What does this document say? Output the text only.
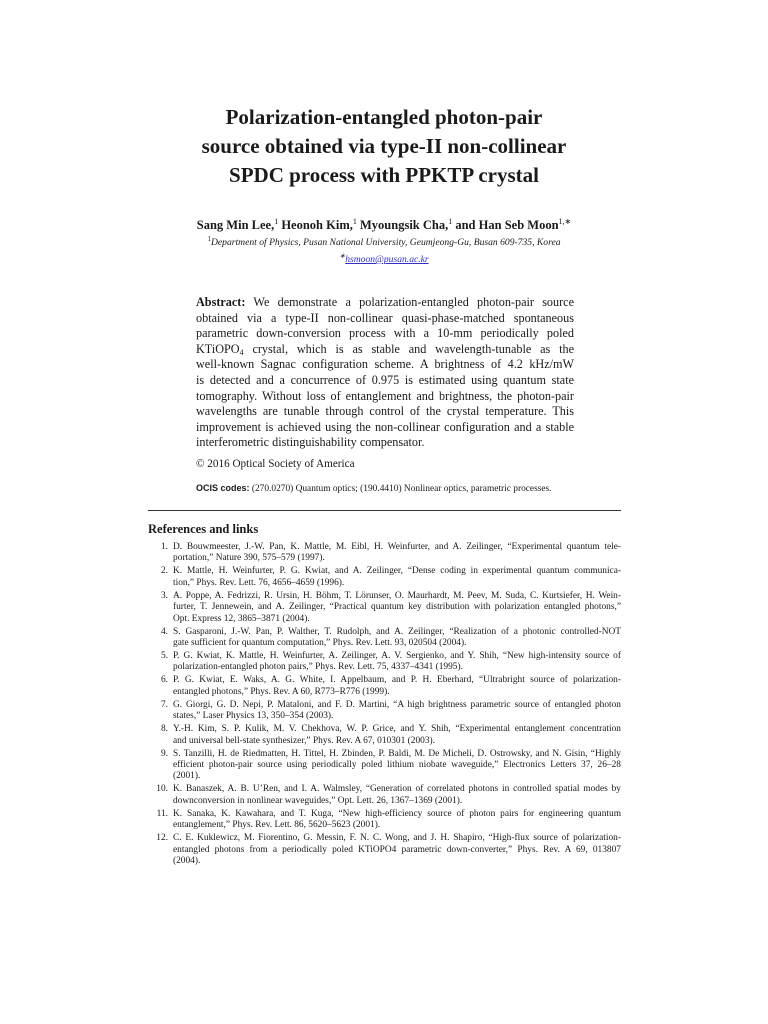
Polarization-entangled photon-pair
source obtained via type-II non-collinear
SPDC process with PPKTP crystal
Sang Min Lee,$^1$ Heonoh Kim,$^1$ Myoungsik Cha,$^1$ and Han Seb Moon$^{1,∗}$
$^1$Department of Physics, Pusan National University, Geumjeong-Gu, Busan 609-735, Korea
∗hsmoon@pusan.ac.kr
Abstract: We demonstrate a polarization-entangled photon-pair source
obtained via a type-II non-collinear quasi-phase-matched spontaneous
parametric down-conversion process with a 10-mm periodically poled
KTiOPO$_4$ crystal, which is as stable and wavelength-tunable as the
well-known Sagnac configuration scheme. A brightness of 4.2 kHz/mW
is detected and a concurrence of 0.975 is estimated using quantum state
tomography. Without loss of entanglement and brightness, the photon-pair
wavelengths are tunable through control of the crystal temperature. This
improvement is achieved using the non-collinear configuration and a stable
interferometric distinguishability compensator.
© 2016 Optical Society of America
OCIS codes: (270.0270) Quantum optics; (190.4410) Nonlinear optics, parametric processes.
References and links
1. D. Bouwmeester, J.-W. Pan, K. Mattle, M. Eibl, H. Weinfurter, and A. Zeilinger, “Experimental quantum tele-
portation,” Nature 390, 575–579 (1997).
2. K. Mattle, H. Weinfurter, P. G. Kwiat, and A. Zeilinger, “Dense coding in experimental quantum communica-
tion,” Phys. Rev. Lett. 76, 4656–4659 (1996).
3. A. Poppe, A. Fedrizzi, R. Ursin, H. Böhm, T. Lörunser, O. Maurhardt, M. Peev, M. Suda, C. Kurtsiefer, H. Wein-
furter, T. Jennewein, and A. Zeilinger, “Practical quantum key distribution with polarization entangled photons,”
Opt. Express 12, 3865–3871 (2004).
4. S. Gasparoni, J.-W. Pan, P. Walther, T. Rudolph, and A. Zeilinger, “Realization of a photonic controlled-NOT
gate sufficient for quantum computation,” Phys. Rev. Lett. 93, 020504 (2004).
5. P. G. Kwiat, K. Mattle, H. Weinfurter, A. Zeilinger, A. V. Sergienko, and Y. Shih, “New high-intensity source of
polarization-entangled photon pairs,” Phys. Rev. Lett. 75, 4337–4341 (1995).
6. P. G. Kwiat, E. Waks, A. G. White, I. Appelbaum, and P. H. Eberhard, “Ultrabright source of polarization-
entangled photons,” Phys. Rev. A 60, R773–R776 (1999).
7. G. Giorgi, G. D. Nepi, P. Mataloni, and F. D. Martini, “A high brightness parametric source of entangled photon
states,” Laser Physics 13, 350–354 (2003).
8. Y.-H. Kim, S. P. Kulik, M. V. Chekhova, W. P. Grice, and Y. Shih, “Experimental entanglement concentration
and universal bell-state synthesizer,” Phys. Rev. A 67, 010301 (2003).
9. S. Tanzilli, H. de Riedmatten, H. Tittel, H. Zbinden, P. Baldi, M. De Micheli, D. Ostrowsky, and N. Gisin, “Highly
efficient photon-pair source using periodically poled lithium niobate waveguide,” Electronics Letters 37, 26–28
(2001).
10. K. Banaszek, A. B. U’Ren, and I. A. Walmsley, “Generation of correlated photons in controlled spatial modes by
downconversion in nonlinear waveguides,” Opt. Lett. 26, 1367–1369 (2001).
11. K. Sanaka, K. Kawahara, and T. Kuga, “New high-efficiency source of photon pairs for engineering quantum
entanglement,” Phys. Rev. Lett. 86, 5620–5623 (2001).
12. C. E. Kuklewicz, M. Fiorentino, G. Messin, F. N. C. Wong, and J. H. Shapiro, “High-flux source of polarization-
entangled photons from a periodically poled KTiOPO4 parametric down-converter,” Phys. Rev. A 69, 013807
(2004).
